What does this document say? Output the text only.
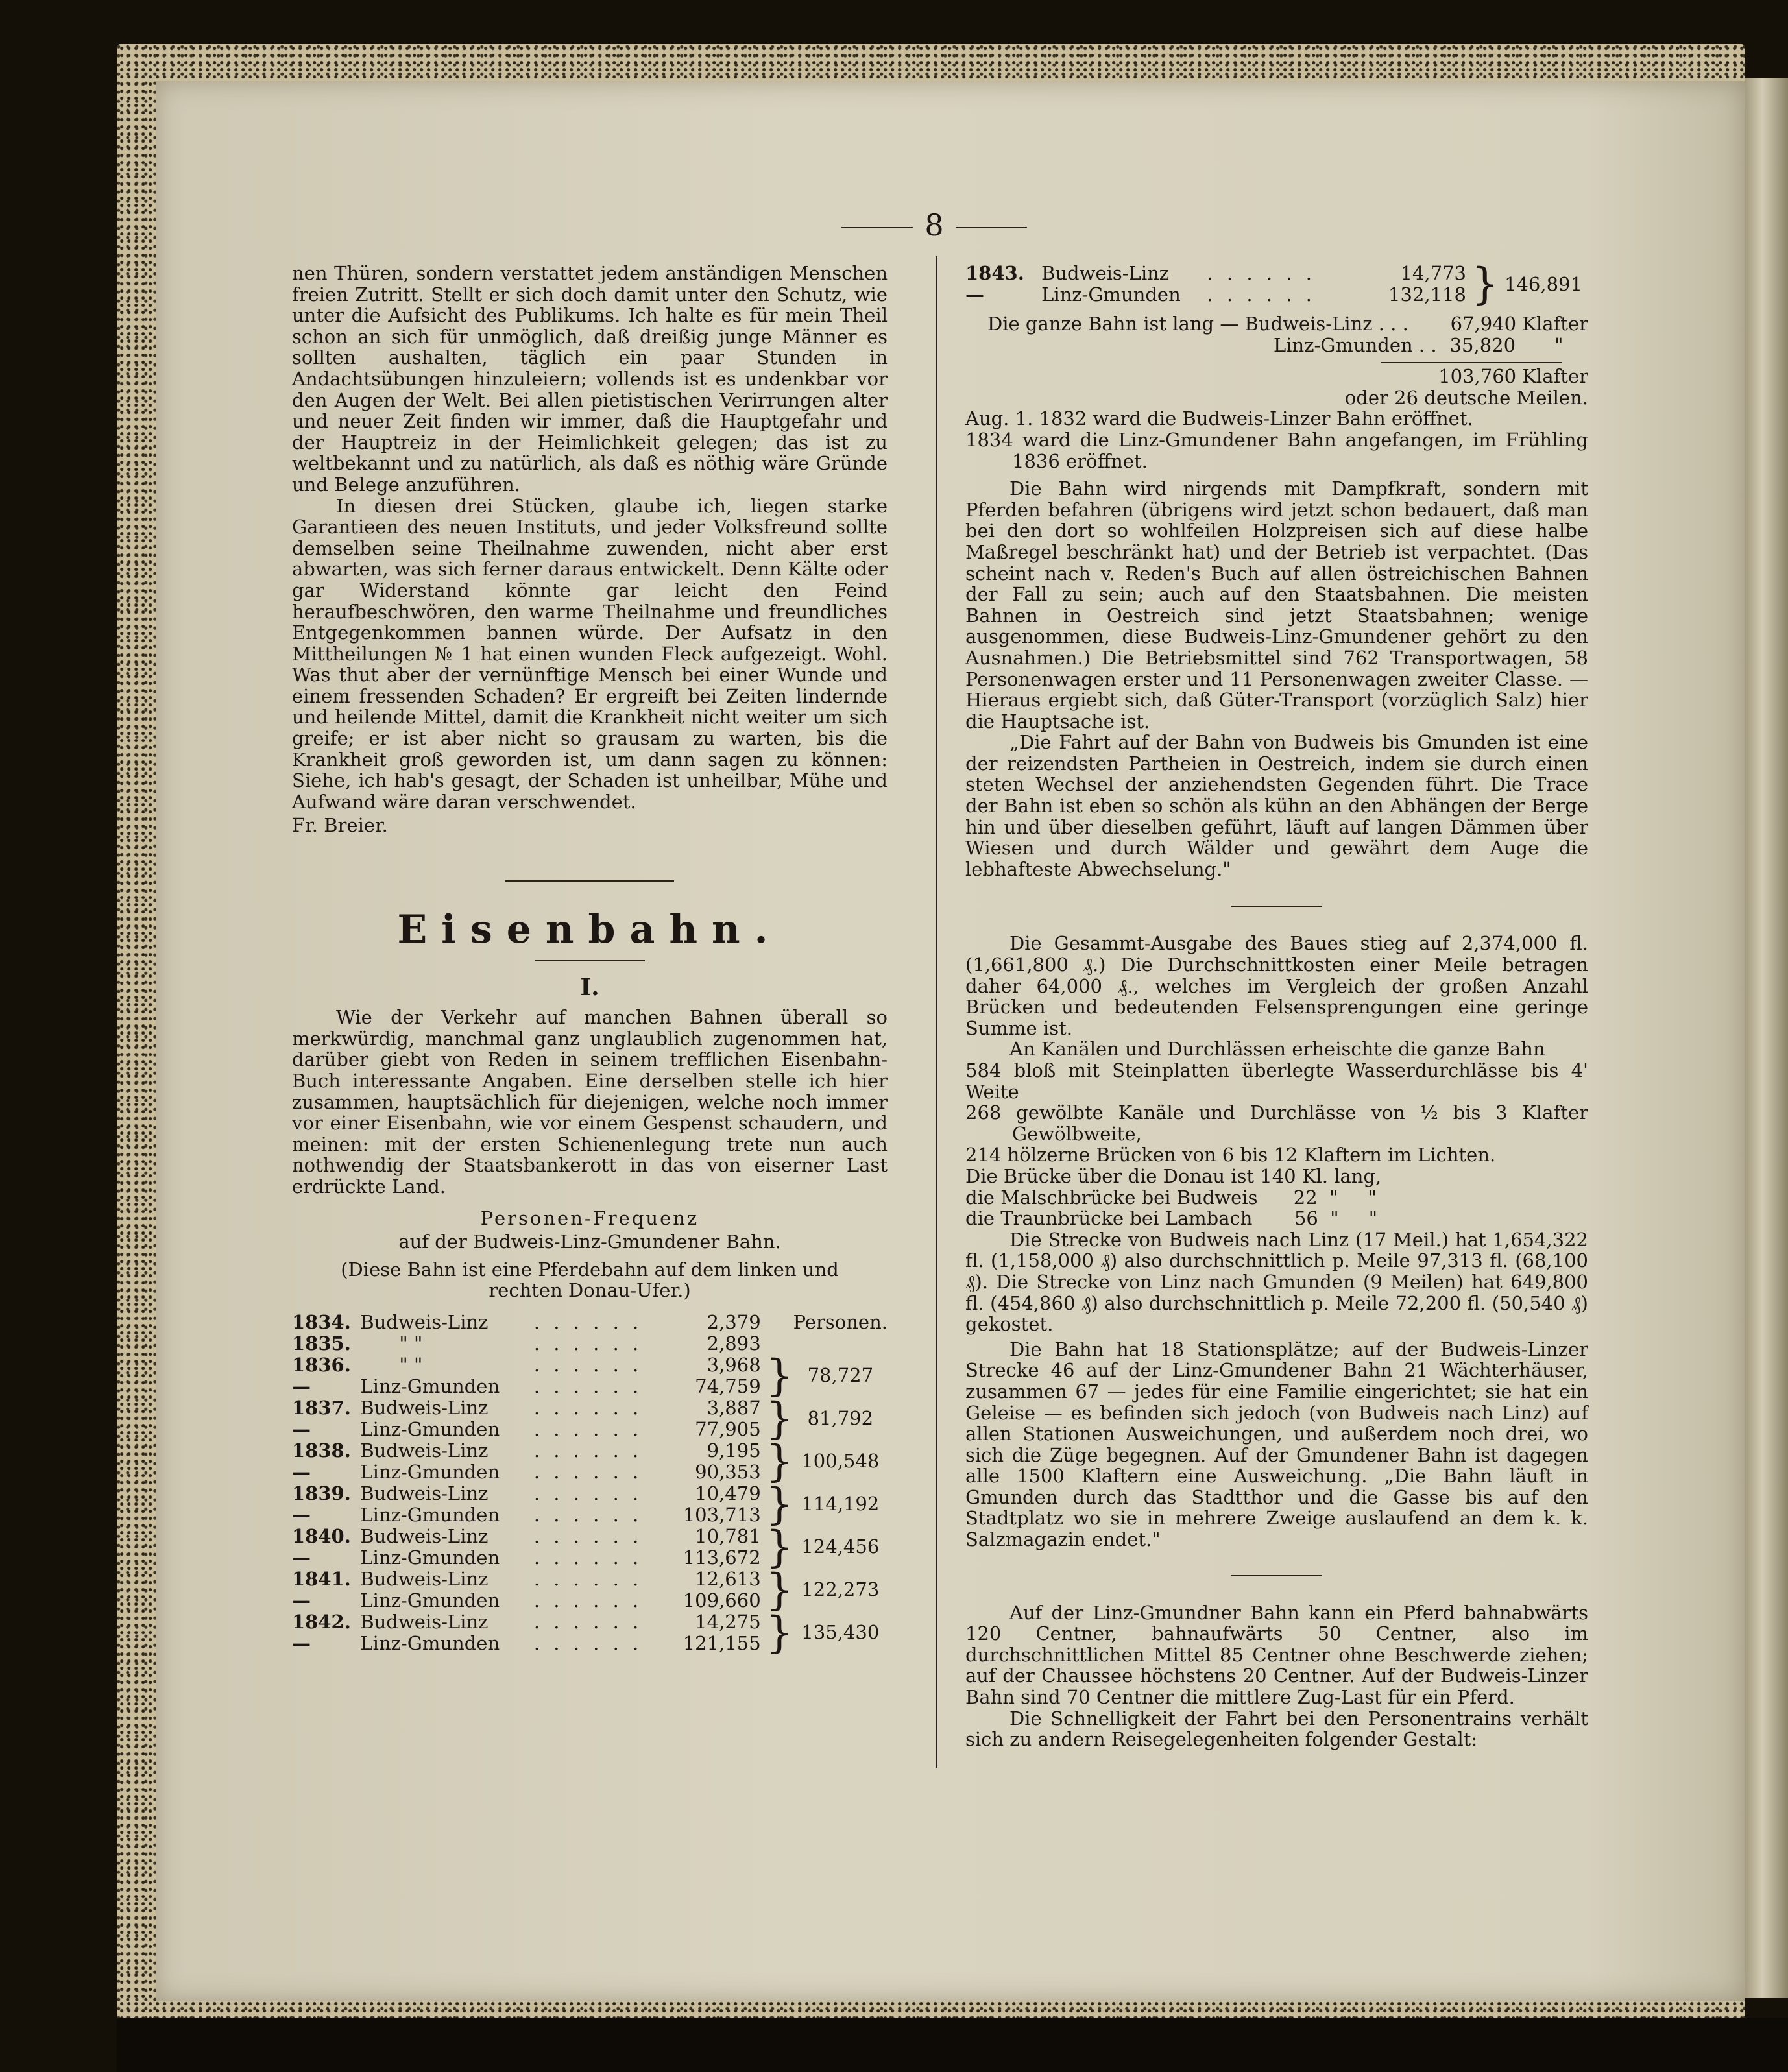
8

nen Thüren, sondern verstattet jedem anständigen Menschen freien Zutritt. Stellt er sich doch damit unter den Schutz, wie unter die Aufsicht des Publikums. Ich halte es für mein Theil schon an sich für unmöglich, daß dreißig junge Männer es sollten aushalten, täglich ein paar Stunden in Andachtsübungen hinzuleiern; vollends ist es undenkbar vor den Augen der Welt. Bei allen pietistischen Verirrungen alter und neuer Zeit finden wir immer, daß die Hauptgefahr und der Hauptreiz in der Heimlichkeit gelegen; das ist zu weltbekannt und zu natürlich, als daß es nöthig wäre Gründe und Belege anzuführen.

In diesen drei Stücken, glaube ich, liegen starke Garantieen des neuen Instituts, und jeder Volksfreund sollte demselben seine Theilnahme zuwenden, nicht aber erst abwarten, was sich ferner daraus entwickelt. Denn Kälte oder gar Widerstand könnte gar leicht den Feind heraufbeschwören, den warme Theilnahme und freundliches Entgegenkommen bannen würde. Der Aufsatz in den Mittheilungen № 1 hat einen wunden Fleck aufgezeigt. Wohl. Was thut aber der vernünftige Mensch bei einer Wunde und einem fressenden Schaden? Er ergreift bei Zeiten lindernde und heilende Mittel, damit die Krankheit nicht weiter um sich greife; er ist aber nicht so grausam zu warten, bis die Krankheit groß geworden ist, um dann sagen zu können: Siehe, ich hab's gesagt, der Schaden ist unheilbar, Mühe und Aufwand wäre daran verschwendet.

Fr. Breier.

Eisenbahn.
I.

Wie der Verkehr auf manchen Bahnen überall so merkwürdig, manchmal ganz unglaublich zugenommen hat, darüber giebt von Reden in seinem trefflichen Eisenbahn-Buch interessante Angaben. Eine derselben stelle ich hier zusammen, hauptsächlich für diejenigen, welche noch immer vor einer Eisenbahn, wie vor einem Gespenst schaudern, und meinen: mit der ersten Schienenlegung trete nun auch nothwendig der Staatsbankerott in das von eiserner Last erdrückte Land.

Personen-Frequenz

auf der Budweis-Linz-Gmundener Bahn.

(Diese Bahn ist eine Pferdebahn auf dem linken und rechten Donau-Ufer.)

1834.	Budweis-Linz	. . . . . .	2,379		Personen.
1835.	" "	. . . . . .	2,893		
1836.	" "	. . . . . .	3,968	}	78,727
—	Linz-Gmunden	. . . . . .	74,759		
1837.	Budweis-Linz	. . . . . .	3,887	}	81,792
—	Linz-Gmunden	. . . . . .	77,905		
1838.	Budweis-Linz	. . . . . .	9,195	}	100,548
—	Linz-Gmunden	. . . . . .	90,353		
1839.	Budweis-Linz	. . . . . .	10,479	}	114,192
—	Linz-Gmunden	. . . . . .	103,713		
1840.	Budweis-Linz	. . . . . .	10,781	}	124,456
—	Linz-Gmunden	. . . . . .	113,672		
1841.	Budweis-Linz	. . . . . .	12,613	}	122,273
—	Linz-Gmunden	. . . . . .	109,660		
1842.	Budweis-Linz	. . . . . .	14,275	}	135,430
—	Linz-Gmunden	. . . . . .	121,155		
1843.	Budweis-Linz	. . . . . .	14,773	}	146,891
—	Linz-Gmunden	. . . . . .	132,118		
Die ganze Bahn ist lang — Budweis-Linz . . . 67,940 Klafter
Linz-Gmunden . . 35,820 "

103,760 Klafter

oder 26 deutsche Meilen.

Aug. 1. 1832 ward die Budweis-Linzer Bahn eröffnet.

1834 ward die Linz-Gmundener Bahn angefangen, im Frühling 1836 eröffnet.

Die Bahn wird nirgends mit Dampfkraft, sondern mit Pferden befahren (übrigens wird jetzt schon bedauert, daß man bei den dort so wohlfeilen Holzpreisen sich auf diese halbe Maßregel beschränkt hat) und der Betrieb ist verpachtet. (Das scheint nach v. Reden's Buch auf allen östreichischen Bahnen der Fall zu sein; auch auf den Staatsbahnen. Die meisten Bahnen in Oestreich sind jetzt Staatsbahnen; wenige ausgenommen, diese Budweis-Linz-Gmundener gehört zu den Ausnahmen.) Die Betriebsmittel sind 762 Transportwagen, 58 Personenwagen erster und 11 Personenwagen zweiter Classe. — Hieraus ergiebt sich, daß Güter-Transport (vorzüglich Salz) hier die Hauptsache ist.

„Die Fahrt auf der Bahn von Budweis bis Gmunden ist eine der reizendsten Partheien in Oestreich, indem sie durch einen steten Wechsel der anziehendsten Gegenden führt. Die Trace der Bahn ist eben so schön als kühn an den Abhängen der Berge hin und über dieselben geführt, läuft auf langen Dämmen über Wiesen und durch Wälder und gewährt dem Auge die lebhafteste Abwechselung."

Die Gesammt-Ausgabe des Baues stieg auf 2,374,000 fl. (1,661,800 ₰.) Die Durchschnittkosten einer Meile betragen daher 64,000 ₰., welches im Vergleich der großen Anzahl Brücken und bedeutenden Felsensprengungen eine geringe Summe ist.

An Kanälen und Durchlässen erheischte die ganze Bahn

584 bloß mit Steinplatten überlegte Wasserdurchlässe bis 4' Weite

268 gewölbte Kanäle und Durchlässe von ½ bis 3 Klafter Gewölbweite,

214 hölzerne Brücken von 6 bis 12 Klaftern im Lichten.

Die Brücke über die Donau ist 140 Kl. lang,

die Malschbrücke bei Budweis      22  "     "

die Traunbrücke bei Lambach       56  "     "

Die Strecke von Budweis nach Linz (17 Meil.) hat 1,654,322 fl. (1,158,000 ₰) also durchschnittlich p. Meile 97,313 fl. (68,100 ₰). Die Strecke von Linz nach Gmunden (9 Meilen) hat 649,800 fl. (454,860 ₰) also durchschnittlich p. Meile 72,200 fl. (50,540 ₰) gekostet.

Die Bahn hat 18 Stationsplätze; auf der Budweis-Linzer Strecke 46 auf der Linz-Gmundener Bahn 21 Wächterhäuser, zusammen 67 — jedes für eine Familie eingerichtet; sie hat ein Geleise — es befinden sich jedoch (von Budweis nach Linz) auf allen Stationen Ausweichungen, und außerdem noch drei, wo sich die Züge begegnen. Auf der Gmundener Bahn ist dagegen alle 1500 Klaftern eine Ausweichung. „Die Bahn läuft in Gmunden durch das Stadtthor und die Gasse bis auf den Stadtplatz wo sie in mehrere Zweige auslaufend an dem k. k. Salzmagazin endet."

Auf der Linz-Gmundner Bahn kann ein Pferd bahnabwärts 120 Centner, bahnaufwärts 50 Centner, also im durchschnittlichen Mittel 85 Centner ohne Beschwerde ziehen; auf der Chaussee höchstens 20 Centner. Auf der Budweis-Linzer Bahn sind 70 Centner die mittlere Zug-Last für ein Pferd.

Die Schnelligkeit der Fahrt bei den Personentrains verhält sich zu andern Reisegelegenheiten folgender Gestalt:
